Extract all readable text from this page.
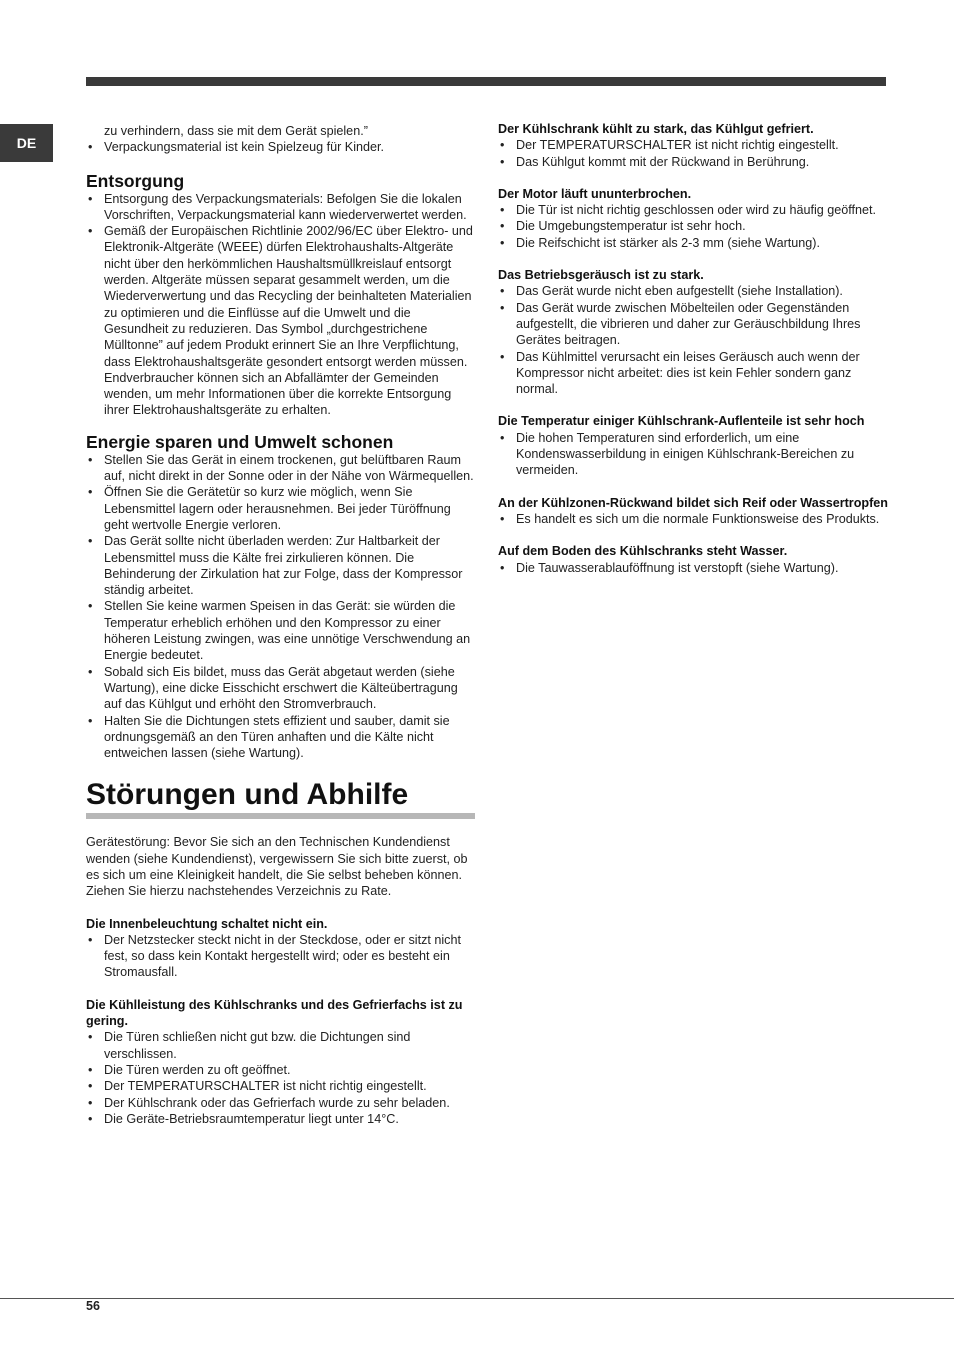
DE
zu verhindern, dass sie mit dem Gerät spielen.”
• Verpackungsmaterial ist kein Spielzeug für Kinder.
Entsorgung
• Entsorgung des Verpackungsmaterials: Befolgen Sie die lokalen Vorschriften, Verpackungsmaterial kann wiederverwertet werden.
• Gemäß der Europäischen Richtlinie 2002/96/EC über Elektro- und Elektronik-Altgeräte (WEEE) dürfen Elektrohaushalts-Altgeräte nicht über den herkömmlichen Haushaltsmüllkreislauf entsorgt werden. Altgeräte müssen separat gesammelt werden, um die Wiederverwertung und das Recycling der beinhalteten Materialien zu optimieren und die Einflüsse auf die Umwelt und die Gesundheit zu reduzieren. Das Symbol „durchgestrichene Mülltonne” auf jedem Produkt erinnert Sie an Ihre Verpflichtung, dass Elektrohaushaltsgeräte gesondert entsorgt werden müssen. Endverbraucher können sich an Abfallämter der Gemeinden wenden, um mehr Informationen über die korrekte Entsorgung ihrer Elektrohaushaltsgeräte zu erhalten.
Energie sparen und Umwelt schonen
• Stellen Sie das Gerät in einem trockenen, gut belüftbaren Raum auf, nicht direkt in der Sonne oder in der Nähe von Wärmequellen.
• Öffnen Sie die Gerätetür so kurz wie möglich, wenn Sie Lebensmittel lagern oder herausnehmen. Bei jeder Türöffnung geht wertvolle Energie verloren.
• Das Gerät sollte nicht überladen werden: Zur Haltbarkeit der Lebensmittel muss die Kälte frei zirkulieren können. Die Behinderung der Zirkulation hat zur Folge, dass der Kompressor ständig arbeitet.
• Stellen Sie keine warmen Speisen in das Gerät: sie würden die Temperatur erheblich erhöhen und den Kompressor zu einer höheren Leistung zwingen, was eine unnötige Verschwendung an Energie bedeutet.
• Sobald sich Eis bildet, muss das Gerät abgetaut werden (siehe Wartung), eine dicke Eisschicht erschwert die Kälteübertragung auf das Kühlgut und erhöht den Stromverbrauch.
• Halten Sie die Dichtungen stets effizient und sauber, damit sie ordnungsgemäß an den Türen anhaften und die Kälte nicht entweichen lassen (siehe Wartung).
Störungen und Abhilfe

Gerätestörung: Bevor Sie sich an den Technischen Kundendienst wenden (siehe Kundendienst), vergewissern Sie sich bitte zuerst, ob es sich um eine Kleinigkeit handelt, die Sie selbst beheben können. Ziehen Sie hierzu nachstehendes Verzeichnis zu Rate.

Die Innenbeleuchtung schaltet nicht ein.
• Der Netzstecker steckt nicht in der Steckdose, oder er sitzt nicht fest, so dass kein Kontakt hergestellt wird; oder es besteht ein Stromausfall.
Die Kühlleistung des Kühlschranks und des Gefrierfachs ist zu gering.
• Die Türen schließen nicht gut bzw. die Dichtungen sind verschlissen.
• Die Türen werden zu oft geöffnet.
• Der TEMPERATURSCHALTER ist nicht richtig eingestellt.
• Der Kühlschrank oder das Gefrierfach wurde zu sehr beladen.
• Die Geräte-Betriebsraumtemperatur liegt unter 14°C.
Der Kühlschrank kühlt zu stark, das Kühlgut gefriert.
• Der TEMPERATURSCHALTER ist nicht richtig eingestellt.
• Das Kühlgut kommt mit der Rückwand in Berührung.
Der Motor läuft ununterbrochen.
• Die Tür ist nicht richtig geschlossen oder wird zu häufig geöffnet.
• Die Umgebungstemperatur ist sehr hoch.
• Die Reifschicht ist stärker als 2-3 mm (siehe Wartung).
Das Betriebsgeräusch ist zu stark.
• Das Gerät wurde nicht eben aufgestellt (siehe Installation).
• Das Gerät wurde zwischen Möbelteilen oder Gegenständen aufgestellt, die vibrieren und daher zur Geräuschbildung Ihres Gerätes beitragen.
• Das Kühlmittel verursacht ein leises Geräusch auch wenn der Kompressor nicht arbeitet: dies ist kein Fehler sondern ganz normal.
Die Temperatur einiger Kühlschrank-Auflenteile ist sehr hoch
• Die hohen Temperaturen sind erforderlich, um eine Kondenswasserbildung in einigen Kühlschrank-Bereichen zu vermeiden.
An der Kühlzonen-Rückwand bildet sich Reif oder Wassertropfen
• Es handelt es sich um die normale Funktionsweise des Produkts.
Auf dem Boden des Kühlschranks steht Wasser.
• Die Tauwasserablauföffnung ist verstopft (siehe Wartung).
56
